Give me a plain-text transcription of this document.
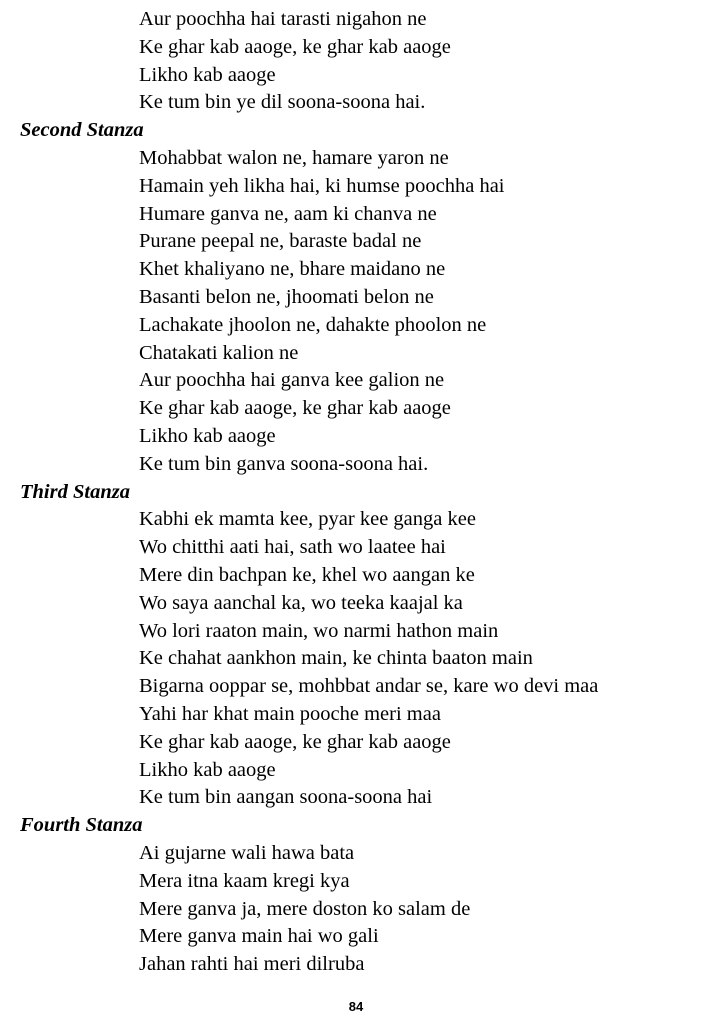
Aur poochha hai tarasti nigahon ne
Ke ghar kab aaoge, ke ghar kab aaoge
Likho kab aaoge
Ke tum bin ye dil soona-soona hai.
Second Stanza
Mohabbat walon ne, hamare yaron ne
Hamain yeh likha hai, ki humse poochha hai
Humare ganva ne, aam ki chanva ne
Purane peepal ne, baraste badal ne
Khet khaliyano ne, bhare maidano ne
Basanti belon ne, jhoomati belon ne
Lachakate jhoolon ne, dahakte phoolon ne
Chatakati kalion ne
Aur poochha hai ganva kee galion ne
Ke ghar kab aaoge, ke ghar kab aaoge
Likho kab aaoge
Ke tum bin ganva soona-soona hai.
Third Stanza
Kabhi ek mamta kee, pyar kee ganga kee
Wo chitthi aati hai, sath wo laatee hai
Mere din bachpan ke, khel wo aangan ke
Wo saya aanchal ka, wo teeka kaajal ka
Wo lori raaton main, wo narmi hathon main
Ke chahat aankhon main, ke chinta baaton main
Bigarna ooppar se, mohbbat andar se, kare wo devi maa
Yahi har khat main pooche meri maa
Ke ghar kab aaoge, ke ghar kab aaoge
Likho kab aaoge
Ke tum bin aangan soona-soona hai
Fourth Stanza
Ai gujarne wali hawa bata
Mera itna kaam kregi kya
Mere ganva ja, mere doston ko salam de
Mere ganva main hai wo gali
Jahan rahti hai meri dilruba
84
